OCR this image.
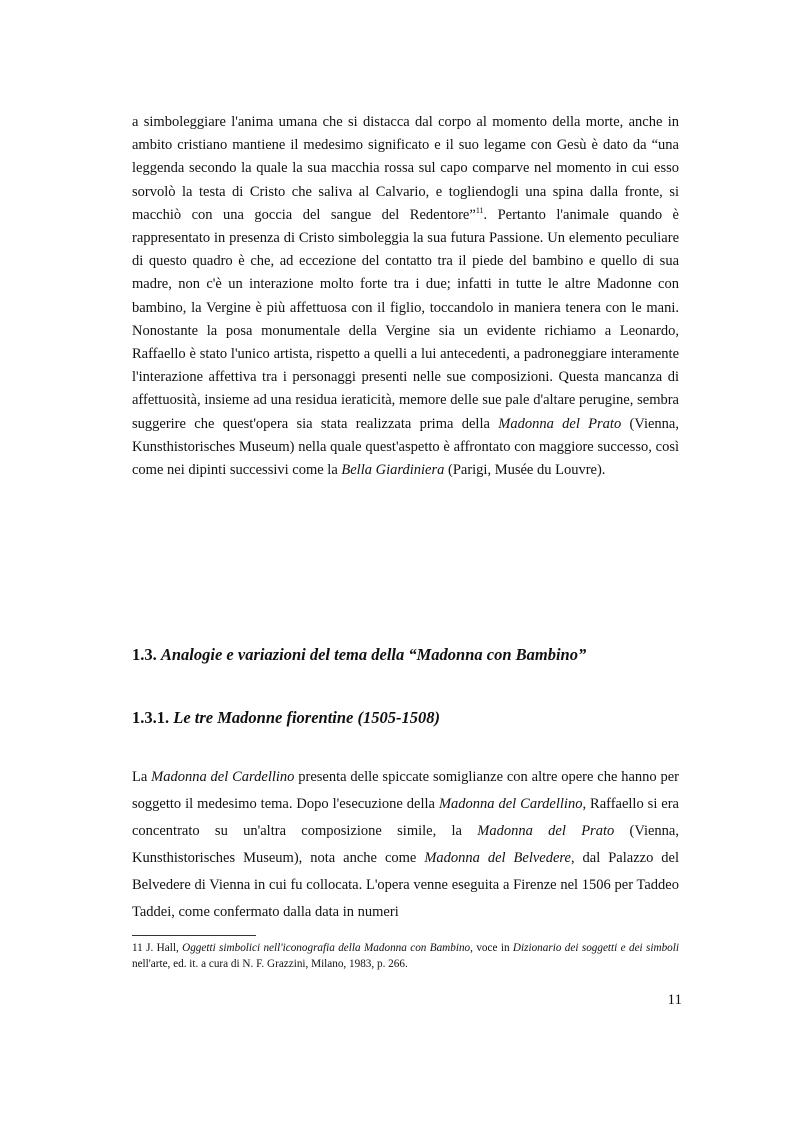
a simboleggiare l'anima umana che si distacca dal corpo al momento della morte, anche in ambito cristiano mantiene il medesimo significato e il suo legame con Gesù è dato da “una leggenda secondo la quale la sua macchia rossa sul capo comparve nel momento in cui esso sorvolò la testa di Cristo che saliva al Calvario, e togliendogli una spina dalla fronte, si macchiò con una goccia del sangue del Redentore”$^{11}$. Pertanto l'animale quando è rappresentato in presenza di Cristo simboleggia la sua futura Passione. Un elemento peculiare di questo quadro è che, ad eccezione del contatto tra il piede del bambino e quello di sua madre, non c'è un interazione molto forte tra i due; infatti in tutte le altre Madonne con bambino, la Vergine è più affettuosa con il figlio, toccandolo in maniera tenera con le mani. Nonostante la posa monumentale della Vergine sia un evidente richiamo a Leonardo, Raffaello è stato l'unico artista, rispetto a quelli a lui antecedenti, a padroneggiare interamente l'interazione affettiva tra i personaggi presenti nelle sue composizioni. Questa mancanza di affettuosità, insieme ad una residua ieraticità, memore delle sue pale d'altare perugine, sembra suggerire che quest'opera sia stata realizzata prima della Madonna del Prato (Vienna, Kunsthistorisches Museum) nella quale quest'aspetto è affrontato con maggiore successo, così come nei dipinti successivi come la Bella Giardiniera (Parigi, Musée du Louvre).

1.3. Analogie e variazioni del tema della “Madonna con Bambino”
1.3.1. Le tre Madonne fiorentine (1505-1508)

La Madonna del Cardellino presenta delle spiccate somiglianze con altre opere che hanno per soggetto il medesimo tema. Dopo l'esecuzione della Madonna del Cardellino, Raffaello si era concentrato su un'altra composizione simile, la Madonna del Prato (Vienna, Kunsthistorisches Museum), nota anche come Madonna del Belvedere, dal Palazzo del Belvedere di Vienna in cui fu collocata. L'opera venne eseguita a Firenze nel 1506 per Taddeo Taddei, come confermato dalla data in numeri

11 J. Hall, Oggetti simbolici nell'iconografia della Madonna con Bambino, voce in Dizionario dei soggetti e dei simboli nell'arte, ed. it. a cura di N. F. Grazzini, Milano, 1983, p. 266.

11
